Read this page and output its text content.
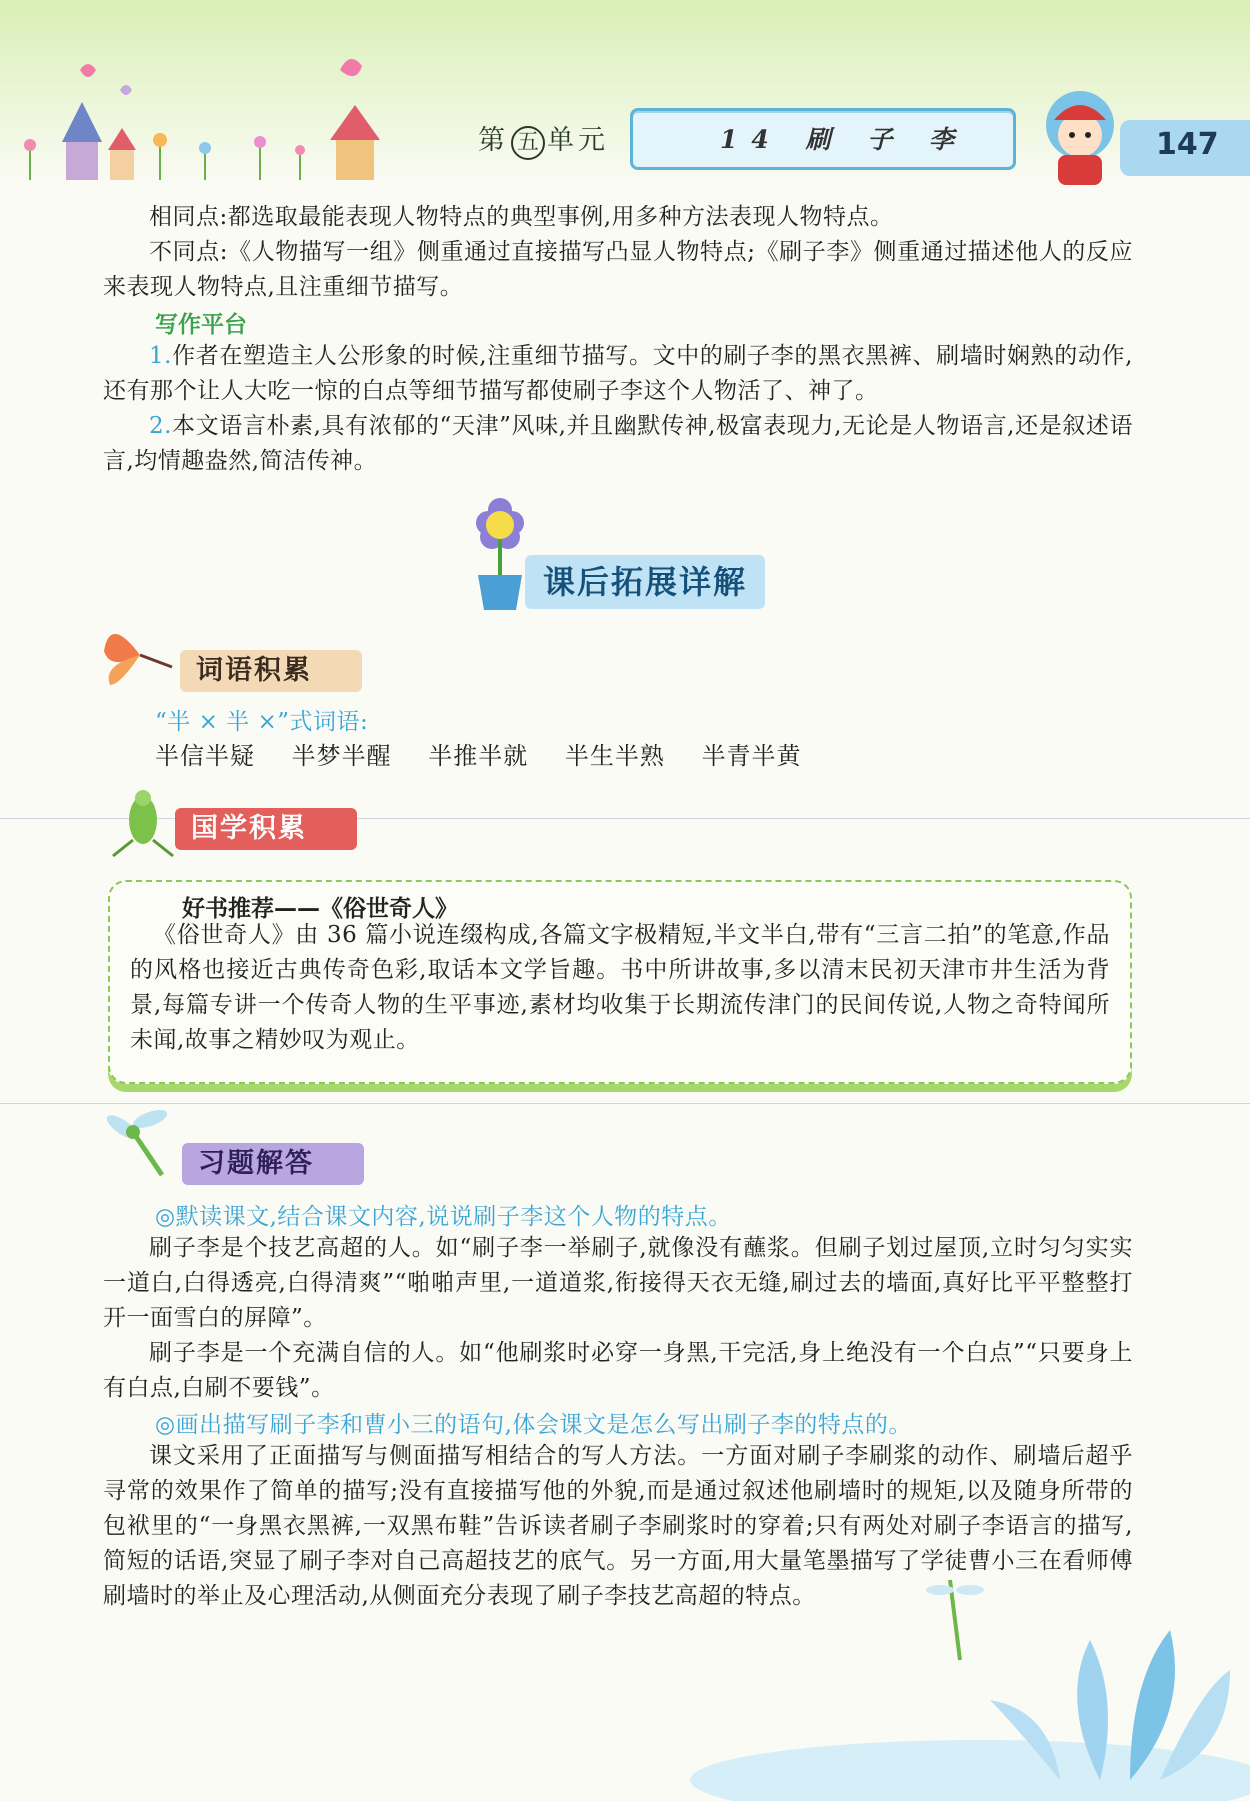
第 五 单元	14 刷 子 李	147
相同点:都选取最能表现人物特点的典型事例,用多种方法表现人物特点。
不同点:《人物描写一组》侧重通过直接描写凸显人物特点;《刷子李》侧重通过描述他人的反应来表现人物特点,且注重细节描写。
写作平台
1.作者在塑造主人公形象的时候,注重细节描写。文中的刷子李的黑衣黑裤、刷墙时娴熟的动作,还有那个让人大吃一惊的白点等细节描写都使刷子李这个人物活了、神了。
2.本文语言朴素,具有浓郁的“天津”风味,并且幽默传神,极富表现力,无论是人物语言,还是叙述语言,均情趣盎然,简洁传神。
课后拓展详解
词语积累
“半 × 半 ×”式词语:
半信半疑 半梦半醒 半推半就 半生半熟 半青半黄
国学积累
好书推荐——《俗世奇人》
《俗世奇人》由 36 篇小说连缀构成,各篇文字极精短,半文半白,带有“三言二拍”的笔意,作品的风格也接近古典传奇色彩,取话本文学旨趣。书中所讲故事,多以清末民初天津市井生活为背景,每篇专讲一个传奇人物的生平事迹,素材均收集于长期流传津门的民间传说,人物之奇特闻所未闻,故事之精妙叹为观止。
习题解答
◎默读课文,结合课文内容,说说刷子李这个人物的特点。
刷子李是个技艺高超的人。如“刷子李一举刷子,就像没有蘸浆。但刷子划过屋顶,立时匀匀实实一道白,白得透亮,白得清爽”“啪啪声里,一道道浆,衔接得天衣无缝,刷过去的墙面,真好比平平整整打开一面雪白的屏障”。
刷子李是一个充满自信的人。如“他刷浆时必穿一身黑,干完活,身上绝没有一个白点”“只要身上有白点,白刷不要钱”。
◎画出描写刷子李和曹小三的语句,体会课文是怎么写出刷子李的特点的。
课文采用了正面描写与侧面描写相结合的写人方法。一方面对刷子李刷浆的动作、刷墙后超乎寻常的效果作了简单的描写;没有直接描写他的外貌,而是通过叙述他刷墙时的规矩,以及随身所带的包袱里的“一身黑衣黑裤,一双黑布鞋”告诉读者刷子李刷浆时的穿着;只有两处对刷子李语言的描写,简短的话语,突显了刷子李对自己高超技艺的底气。另一方面,用大量笔墨描写了学徒曹小三在看师傅刷墙时的举止及心理活动,从侧面充分表现了刷子李技艺高超的特点。
